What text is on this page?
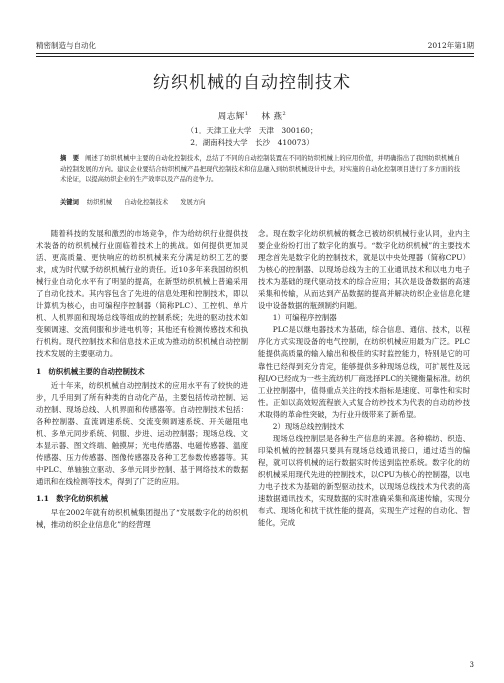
精密制造与自动化	2012年第1期
纺织机械的自动控制技术
周志辉$^1$ 林 燕$^2$
（1．天津工业大学　天津　300160；
2．湖南科技大学　长沙　410073）
摘　要 阐述了纺织机械中主要的自动化控制技术，总结了不同的自动控制装置在不同的纺织机械上的应用价值，并明确指出了我国纺织机械自动控制发展的方向。建议企业要结合纺织机械产品把现代控制技术和信息融入到纺织机械设计中去，对实施的自动化控制项目进行了多方面的技术论证，以提高纺织企业的生产效率以及产品的竞争力。
关键词 纺织机械 自动化控制技术 发展方向

随着科技的发展和激烈的市场竞争，作为给纺织行业提供技术装备的纺织机械行业面临着技术上的挑战。如何提供更加灵活、更高质量、更快响应的纺织机械来充分满足纺织工艺的要求，成为时代赋予纺织机械行业的责任。近10多年来我国纺织机械行业自动化水平有了明显的提高，在新型纺织机械上普遍采用了自动化技术。其内容包含了先进的信息处理和控制技术，即以计算机为核心，由可编程序控制器（简称PLC）、工控机、单片机、人机界面和现场总线等组成的控制系统；先进的驱动技术如变频调速、交流伺服和步进电机等；其他还有检测传感技术和执行机构。现代控制技术和信息技术正成为推动纺织机械自动控制技术发展的主要驱动力。

1　纺织机械主要的自动控制技术

近十年来，纺织机械自动控制技术的应用水平有了较快的进步，几乎用到了所有种类的自动化产品，主要包括传动控制、运动控制、现场总线、人机界面和传感器等。自动控制技术包括：各种控制器、直流调速系统、交流变频调速系统、开关磁阻电机、多单元同步系统、伺服、步进、运动控制器；现场总线、文本显示器、图文终端、触摸屏；光电传感器、电磁传感器、温度传感器、压力传感器、图像传感器及各种工艺参数传感器等。其中PLC、单轴独立驱动、多单元同步控制、基于网络技术的数据通讯和在线检测等技术，得到了广泛的应用。

1.1　数字化纺织机械

早在2002年就有纺织机械集团提出了“发展数字化的纺织机械，推动纺织企业信息化”的经营理

念。现在数字化纺织机械的概念已被纺织机械行业认同，业内主要企业纷纷打出了数字化的旗号。“数字化纺织机械”的主要技术理念首先是数字化的控制技术，就是以中央处理器（简称CPU）为核心的控制器、以现场总线为主的工业通讯技术和以电力电子技术为基础的现代驱动技术的综合应用；其次是设备数据的高速采集和传输，从而达到产品数据的提高并解决纺织企业信息化建设中设备数据的瓶颈制约问题。

1）可编程序控制器

PLC是以继电器技术为基础，综合信息、通信、技术，以程序化方式实现设备的电气控制，在纺织机械应用最为广泛。PLC能提供高质量的输入输出和极佳的实时监控能力，特别是它的可靠性已经得到充分肯定，能够提供多种现场总线，可扩展性及远程I/O已经成为一些主流纺机厂商选择PLC的关键衡量标准。纺织工业控制器中，值得重点关注的技术指标是速度、可靠性和实时性。正如以高效短流程嵌入式复合纺纱技术为代表的自动纺纱技术取得的革命性突破，为行业升级带来了新希望。

2）现场总线控制技术

现场总线控制层是各种生产信息的来源。各种棉纺、织造、印染机械的控制器只要具有现场总线通讯接口，通过适当的编程，就可以将机械的运行数据实时传送到监控系统。数字化的纺织机械采用现代先进的控制技术，以CPU为核心的控制器，以电力电子技术为基础的新型驱动技术，以现场总线技术为代表的高速数据通讯技术，实现数据的实时准确采集和高速传输，实现分布式、现场化和扰干扰性能的提高，实现生产过程的自动化、智能化，完成

3
